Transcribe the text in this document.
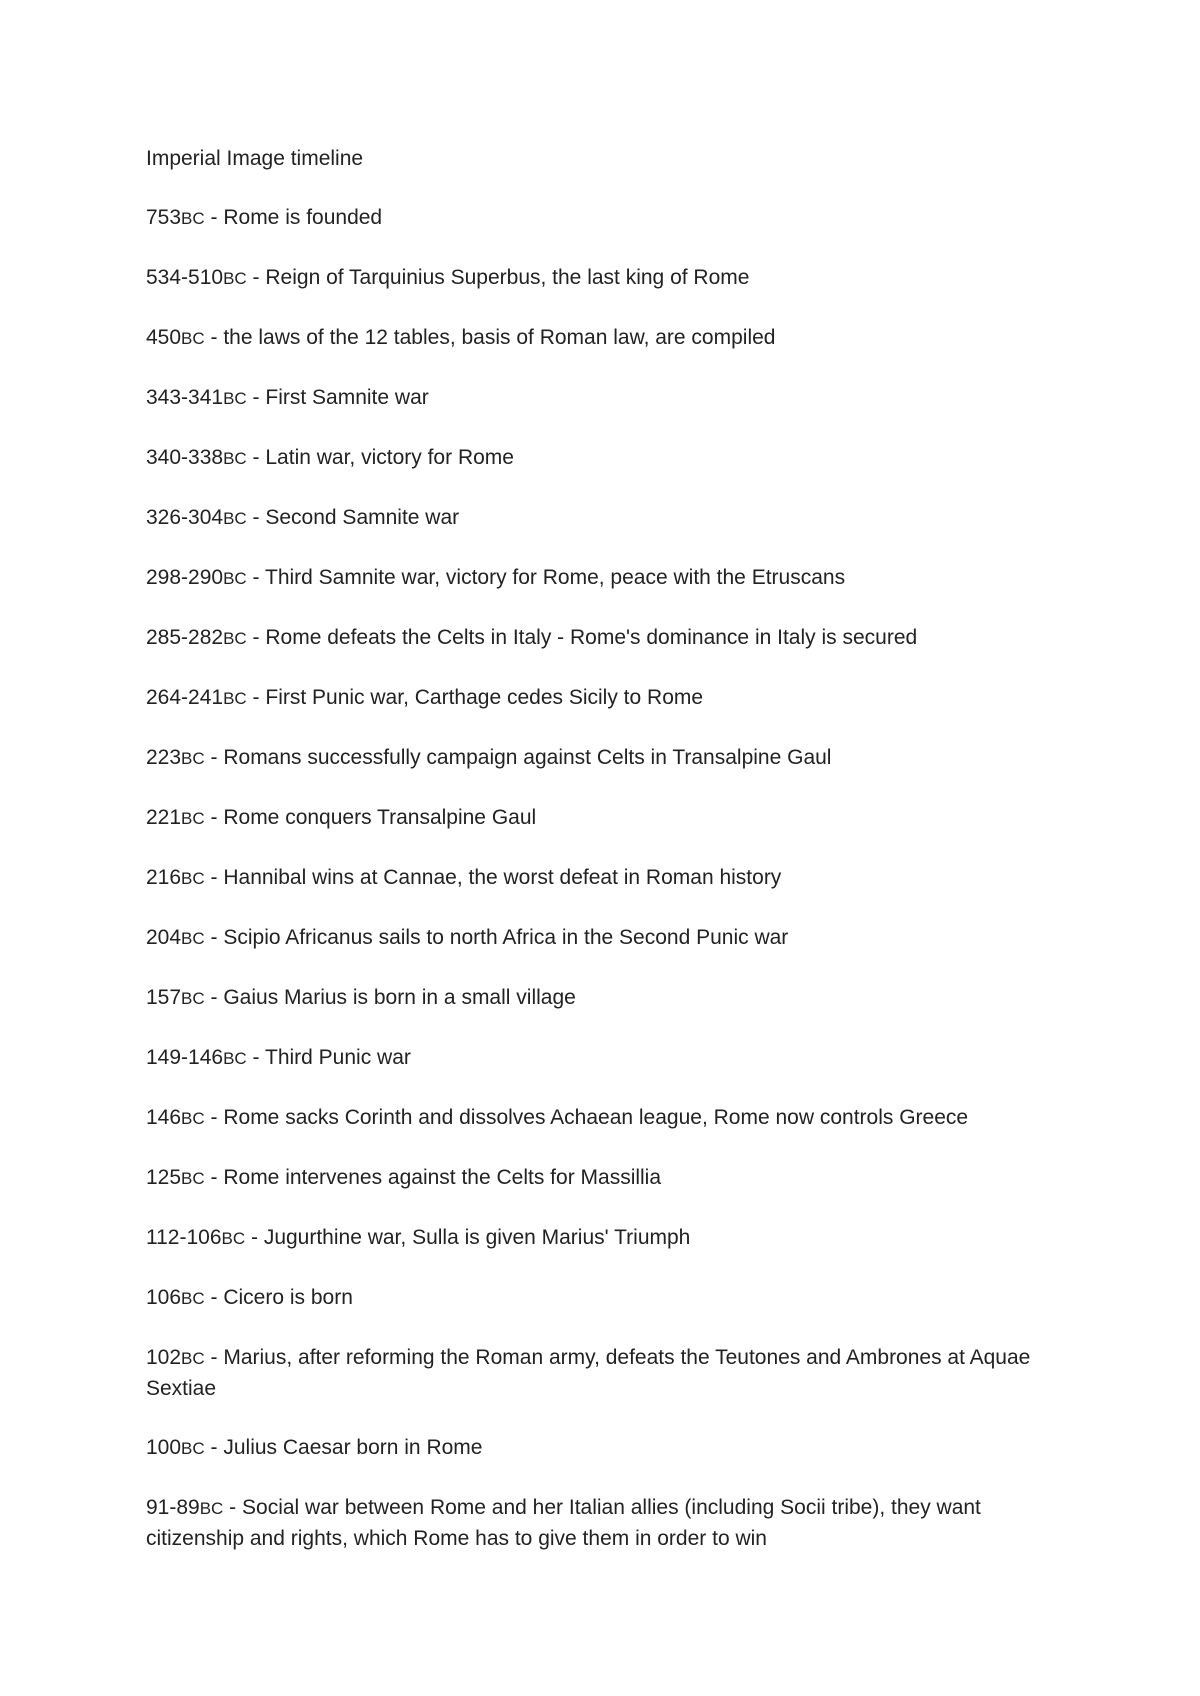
Imperial Image timeline
753BC - Rome is founded
534-510BC - Reign of Tarquinius Superbus, the last king of Rome
450BC - the laws of the 12 tables, basis of Roman law, are compiled
343-341BC - First Samnite war
340-338BC - Latin war, victory for Rome
326-304BC - Second Samnite war
298-290BC - Third Samnite war, victory for Rome, peace with the Etruscans
285-282BC - Rome defeats the Celts in Italy - Rome's dominance in Italy is secured
264-241BC - First Punic war, Carthage cedes Sicily to Rome
223BC - Romans successfully campaign against Celts in Transalpine Gaul
221BC - Rome conquers Transalpine Gaul
216BC - Hannibal wins at Cannae, the worst defeat in Roman history
204BC - Scipio Africanus sails to north Africa in the Second Punic war
157BC - Gaius Marius is born in a small village
149-146BC - Third Punic war
146BC - Rome sacks Corinth and dissolves Achaean league, Rome now controls Greece
125BC - Rome intervenes against the Celts for Massillia
112-106BC - Jugurthine war, Sulla is given Marius' Triumph
106BC - Cicero is born
102BC - Marius, after reforming the Roman army, defeats the Teutones and Ambrones at Aquae Sextiae
100BC - Julius Caesar born in Rome
91-89BC - Social war between Rome and her Italian allies (including Socii tribe), they want citizenship and rights, which Rome has to give them in order to win
